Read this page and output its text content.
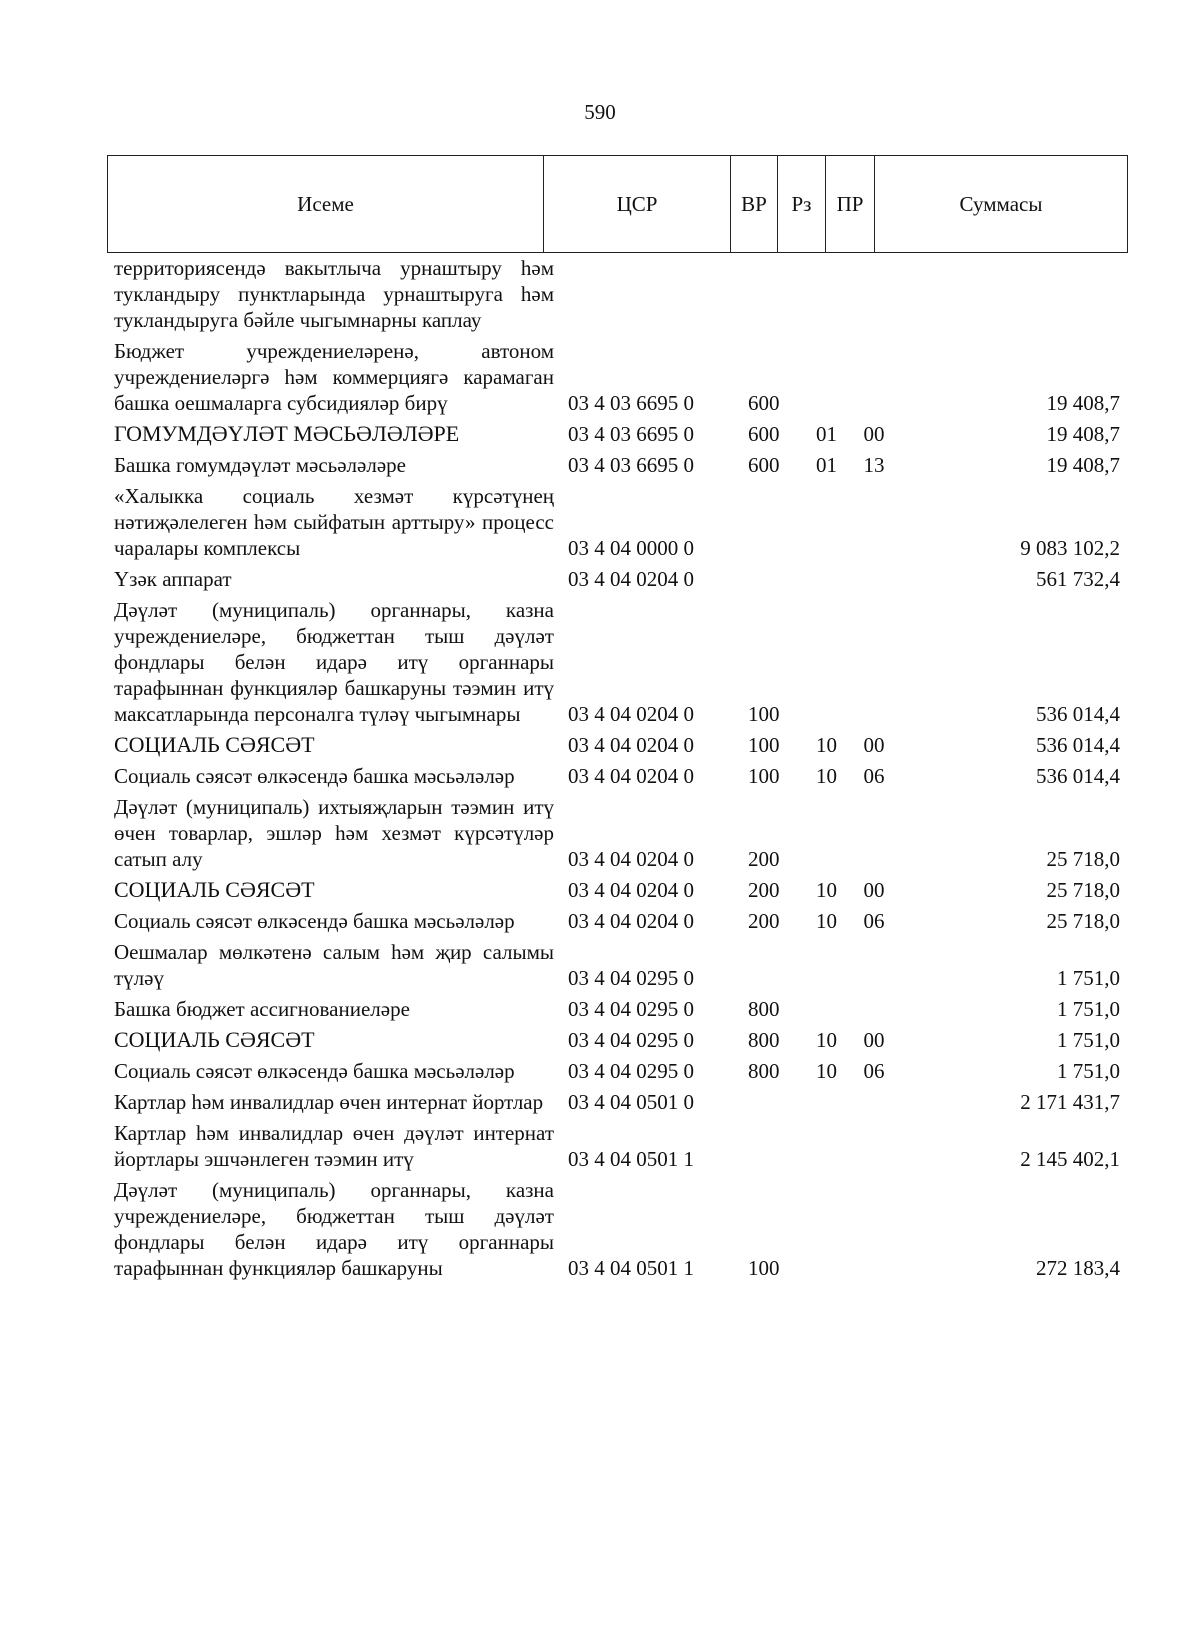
590
Исеме	ЦСР	ВР	Рз	ПР	Суммасы
территориясендә вакытлыча урнаштыру һәм тукландыру пунктларында урнаштыруга һәм тукландыруга бәйле чыгымнарны каплау					
Бюджет учреждениеләренә, автоном учреждениеләргә һәм коммерциягә карамаган башка оешмаларга субсидияләр бирү	03 4 03 6695 0	600			19 408,7
ГОМУМДӘҮЛӘТ МӘСЬӘЛӘЛӘРЕ	03 4 03 6695 0	600	01	00	19 408,7
Башка гомумдәүләт мәсьәләләре	03 4 03 6695 0	600	01	13	19 408,7
«Халыкка социаль хезмәт күрсәтүнең нәтиҗәлелеген һәм сыйфатын арттыру» процесс чаралары комплексы	03 4 04 0000 0				9 083 102,2
Үзәк аппарат	03 4 04 0204 0				561 732,4
Дәүләт (муниципаль) органнары, казна учреждениеләре, бюджеттан тыш дәүләт фондлары белән идарә итү органнары тарафыннан функцияләр башкаруны тәэмин итү максатларында персоналга түләү чыгымнары	03 4 04 0204 0	100			536 014,4
СОЦИАЛЬ СӘЯСӘТ	03 4 04 0204 0	100	10	00	536 014,4
Социаль сәясәт өлкәсендә башка мәсьәләләр	03 4 04 0204 0	100	10	06	536 014,4
Дәүләт (муниципаль) ихтыяҗларын тәэмин итү өчен товарлар, эшләр һәм хезмәт күрсәтүләр сатып алу	03 4 04 0204 0	200			25 718,0
СОЦИАЛЬ СӘЯСӘТ	03 4 04 0204 0	200	10	00	25 718,0
Социаль сәясәт өлкәсендә башка мәсьәләләр	03 4 04 0204 0	200	10	06	25 718,0
Оешмалар мөлкәтенә салым һәм җир салымы түләү	03 4 04 0295 0				1 751,0
Башка бюджет ассигнованиеләре	03 4 04 0295 0	800			1 751,0
СОЦИАЛЬ СӘЯСӘТ	03 4 04 0295 0	800	10	00	1 751,0
Социаль сәясәт өлкәсендә башка мәсьәләләр	03 4 04 0295 0	800	10	06	1 751,0
Картлар һәм инвалидлар өчен интернат йортлар	03 4 04 0501 0				2 171 431,7
Картлар һәм инвалидлар өчен дәүләт интернат йортлары эшчәнлеген тәэмин итү	03 4 04 0501 1				2 145 402,1
Дәүләт (муниципаль) органнары, казна учреждениеләре, бюджеттан тыш дәүләт фондлары белән идарә итү органнары тарафыннан функцияләр башкаруны	03 4 04 0501 1	100			272 183,4
